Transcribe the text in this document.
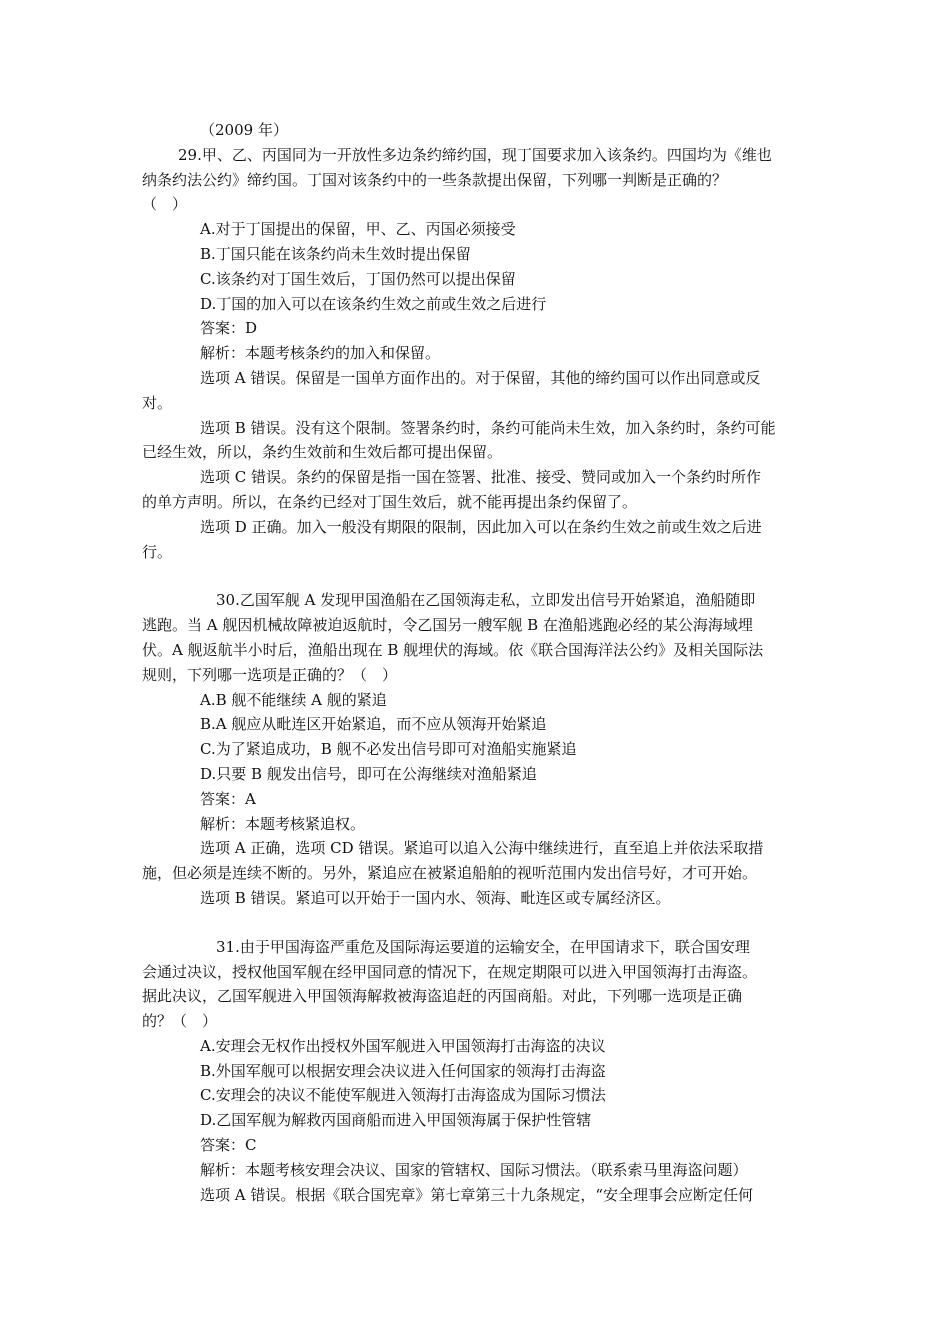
（2009 年）
29.甲、乙、丙国同为一开放性多边条约缔约国，现丁国要求加入该条约。四国均为《维也
纳条约法公约》缔约国。丁国对该条约中的一些条款提出保留，下列哪一判断是正确的？
（　）
A.对于丁国提出的保留，甲、乙、丙国必须接受
B.丁国只能在该条约尚未生效时提出保留
C.该条约对丁国生效后，丁国仍然可以提出保留
D.丁国的加入可以在该条约生效之前或生效之后进行
答案：D
解析：本题考核条约的加入和保留。
选项 A 错误。保留是一国单方面作出的。对于保留，其他的缔约国可以作出同意或反
对。
选项 B 错误。没有这个限制。签署条约时，条约可能尚未生效，加入条约时，条约可能
已经生效，所以，条约生效前和生效后都可提出保留。
选项 C 错误。条约的保留是指一国在签署、批准、接受、赞同或加入一个条约时所作
的单方声明。所以，在条约已经对丁国生效后，就不能再提出条约保留了。
选项 D 正确。加入一般没有期限的限制，因此加入可以在条约生效之前或生效之后进
行。
30.乙国军舰 A 发现甲国渔船在乙国领海走私，立即发出信号开始紧追，渔船随即
逃跑。当 A 舰因机械故障被迫返航时，令乙国另一艘军舰 B 在渔船逃跑必经的某公海海域埋
伏。A 舰返航半小时后，渔船出现在 B 舰埋伏的海域。依《联合国海洋法公约》及相关国际法
规则，下列哪一选项是正确的？（　）
A.B 舰不能继续 A 舰的紧追
B.A 舰应从毗连区开始紧追，而不应从领海开始紧追
C.为了紧追成功，B 舰不必发出信号即可对渔船实施紧追
D.只要 B 舰发出信号，即可在公海继续对渔船紧追
答案：A
解析：本题考核紧追权。
选项 A 正确，选项 CD 错误。紧追可以追入公海中继续进行，直至追上并依法采取措
施，但必须是连续不断的。另外，紧追应在被紧追船舶的视听范围内发出信号好，才可开始。
选项 B 错误。紧追可以开始于一国内水、领海、毗连区或专属经济区。
31.由于甲国海盗严重危及国际海运要道的运输安全，在甲国请求下，联合国安理
会通过决议，授权他国军舰在经甲国同意的情况下，在规定期限可以进入甲国领海打击海盗。
据此决议，乙国军舰进入甲国领海解救被海盗追赶的丙国商船。对此，下列哪一选项是正确
的？（　）
A.安理会无权作出授权外国军舰进入甲国领海打击海盗的决议
B.外国军舰可以根据安理会决议进入任何国家的领海打击海盗
C.安理会的决议不能使军舰进入领海打击海盗成为国际习惯法
D.乙国军舰为解救丙国商船而进入甲国领海属于保护性管辖
答案：C
解析：本题考核安理会决议、国家的管辖权、国际习惯法。（联系索马里海盗问题）
选项 A 错误。根据《联合国宪章》第七章第三十九条规定，“安全理事会应断定任何
